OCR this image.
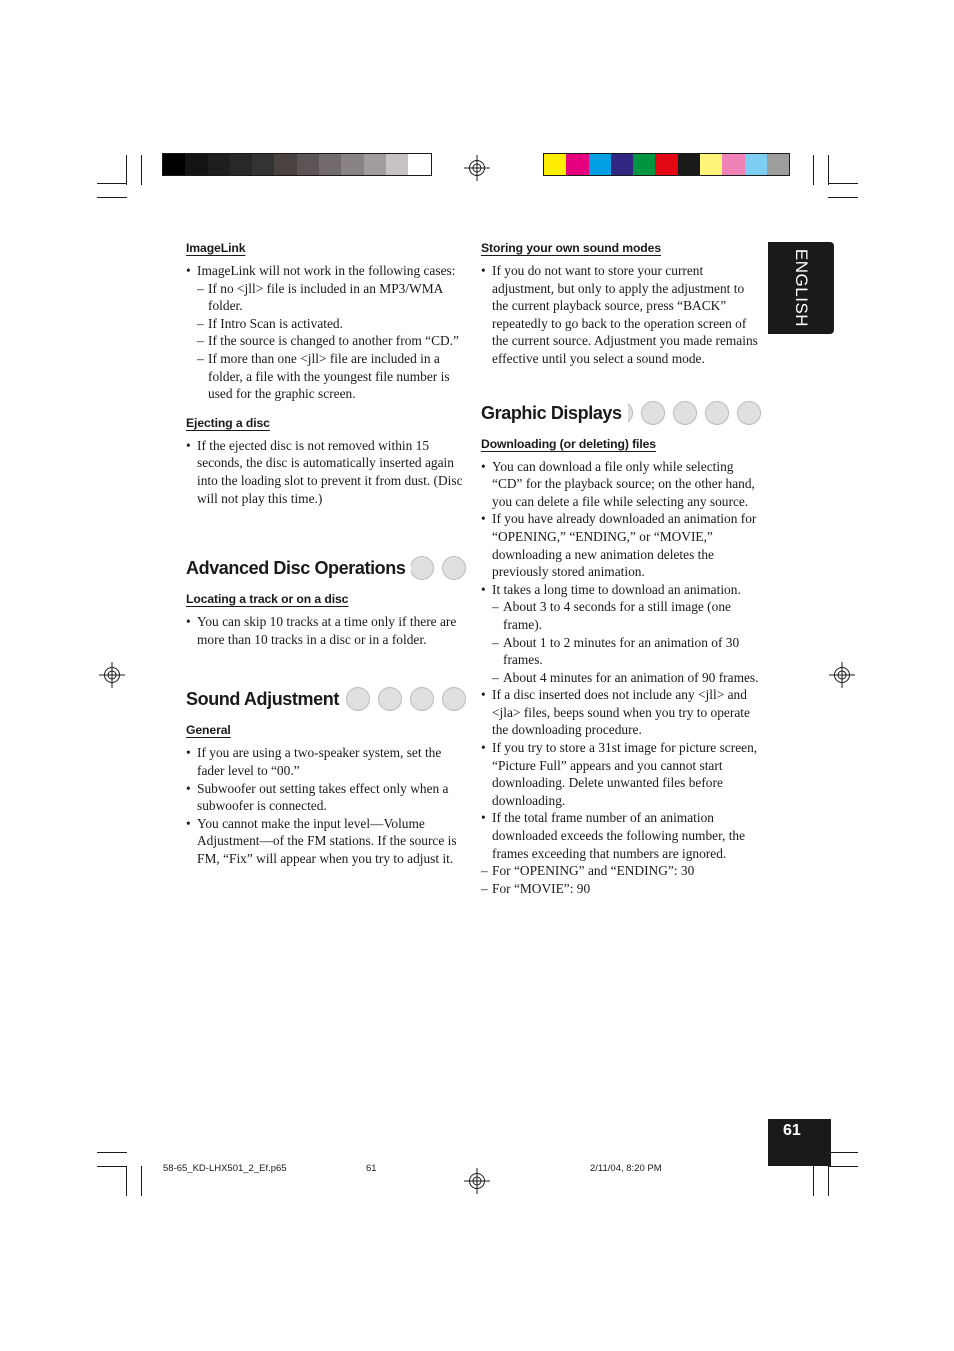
ENGLISH
ImageLink
• ImageLink will not work in the following cases:
– If no <jll> file is included in an MP3/WMA folder.
– If Intro Scan is activated.
– If the source is changed to another from “CD.”
– If more than one <jll> file are included in a folder, a file with the youngest file number is used for the graphic screen.
Ejecting a disc
• If the ejected disc is not removed within 15 seconds, the disc is automatically inserted again into the loading slot to prevent it from dust. (Disc will not play this time.)
Advanced Disc Operations
Locating a track or on a disc
• You can skip 10 tracks at a time only if there are more than 10 tracks in a disc or in a folder.
Sound Adjustment
General
• If you are using a two-speaker system, set the fader level to “00.”
• Subwoofer out setting takes effect only when a subwoofer is connected.
• You cannot make the input level—Volume Adjustment—of the FM stations. If the source is FM, “Fix” will appear when you try to adjust it.
Storing your own sound modes
• If you do not want to store your current adjustment, but only to apply the adjustment to the current playback source, press “BACK” repeatedly to go back to the operation screen of the current source. Adjustment you made remains effective until you select a sound mode.
Graphic Displays
Downloading (or deleting) files
• You can download a file only while selecting “CD” for the playback source; on the other hand, you can delete a file while selecting any source.
• If you have already downloaded an animation for “OPENING,” “ENDING,” or “MOVIE,” downloading a new animation deletes the previously stored animation.
• It takes a long time to download an animation.
– About 3 to 4 seconds for a still image (one frame).
– About 1 to 2 minutes for an animation of 30 frames.
– About 4 minutes for an animation of 90 frames.
• If a disc inserted does not include any <jll> and <jla> files, beeps sound when you try to operate the downloading procedure.
• If you try to store a 31st image for picture screen, “Picture Full” appears and you cannot start downloading. Delete unwanted files before downloading.
• If the total frame number of an animation downloaded exceeds the following number, the frames exceeding that numbers are ignored.
– For “OPENING” and “ENDING”: 30
– For “MOVIE”: 90
61
58-65_KD-LHX501_2_Ef.p65	61	2/11/04, 8:20 PM
